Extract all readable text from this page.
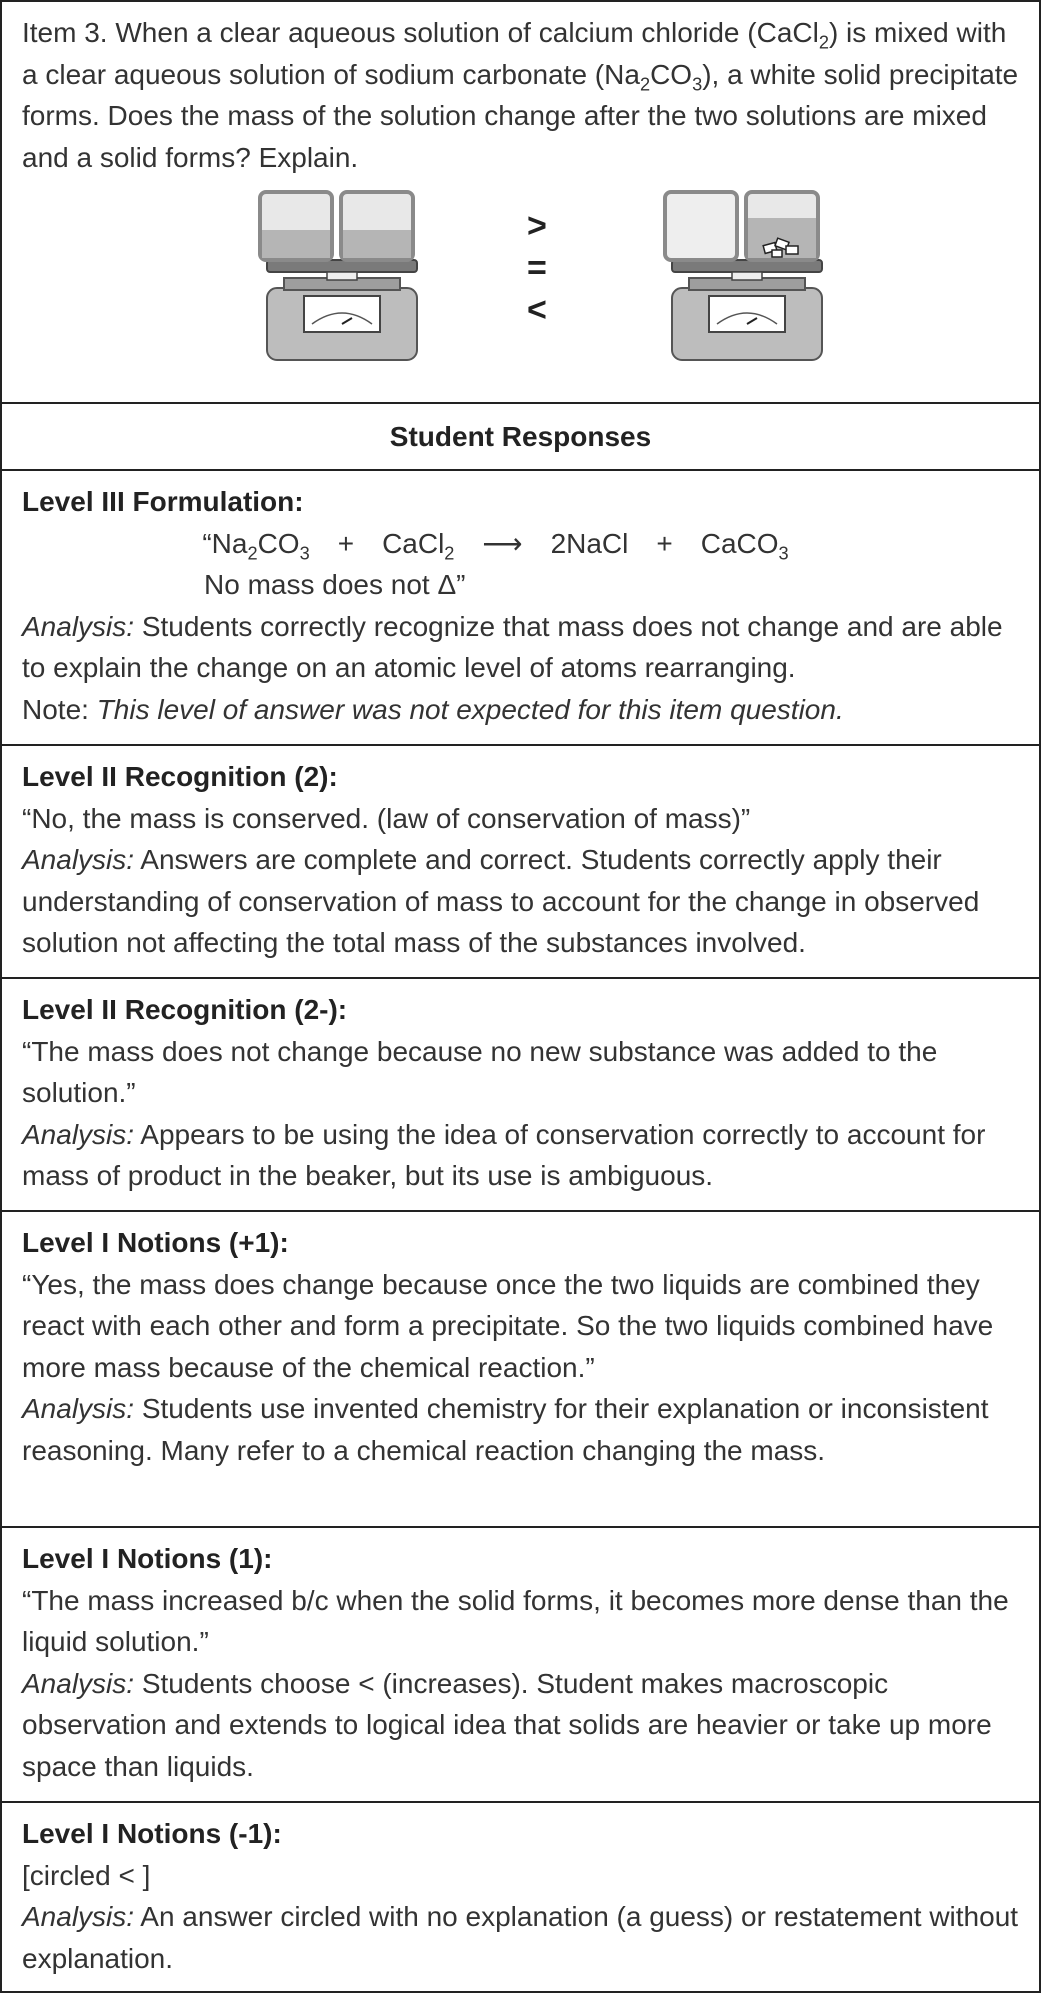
Item 3. When a clear aqueous solution of calcium chloride (CaCl$_2$) is mixed with a clear aqueous solution of sodium carbonate $(Na_2CO_3)$, a white solid precipitate forms. Does the mass of the solution change after the two solutions are mixed and a solid forms? Explain.
>
=
<
Student Responses
Level III Formulation:
“$Na_2CO_3$ + CaCl$_2$ ⟶ 2NaCl + CaCO$_3$
No mass does not Δ”
Analysis: Students correctly recognize that mass does not change and are able to explain the change on an atomic level of atoms rearranging.
Note: This level of answer was not expected for this item question.
Level II Recognition (2):
“No, the mass is conserved. (law of conservation of mass)”
Analysis: Answers are complete and correct. Students correctly apply their understanding of conservation of mass to account for the change in observed solution not affecting the total mass of the substances involved.
Level II Recognition (2-):
“The mass does not change because no new substance was added to the solution.”
Analysis: Appears to be using the idea of conservation correctly to account for mass of product in the beaker, but its use is ambiguous.
Level I Notions (+1):
“Yes, the mass does change because once the two liquids are combined they react with each other and form a precipitate. So the two liquids combined have more mass because of the chemical reaction.”
Analysis: Students use invented chemistry for their explanation or inconsistent reasoning. Many refer to a chemical reaction changing the mass.
Level I Notions (1):
“The mass increased b/c when the solid forms, it becomes more dense than the liquid solution.”
Analysis: Students choose < (increases). Student makes macroscopic observation and extends to logical idea that solids are heavier or take up more space than liquids.
Level I Notions (-1):
[circled < ]
Analysis: An answer circled with no explanation (a guess) or restatement without explanation.
